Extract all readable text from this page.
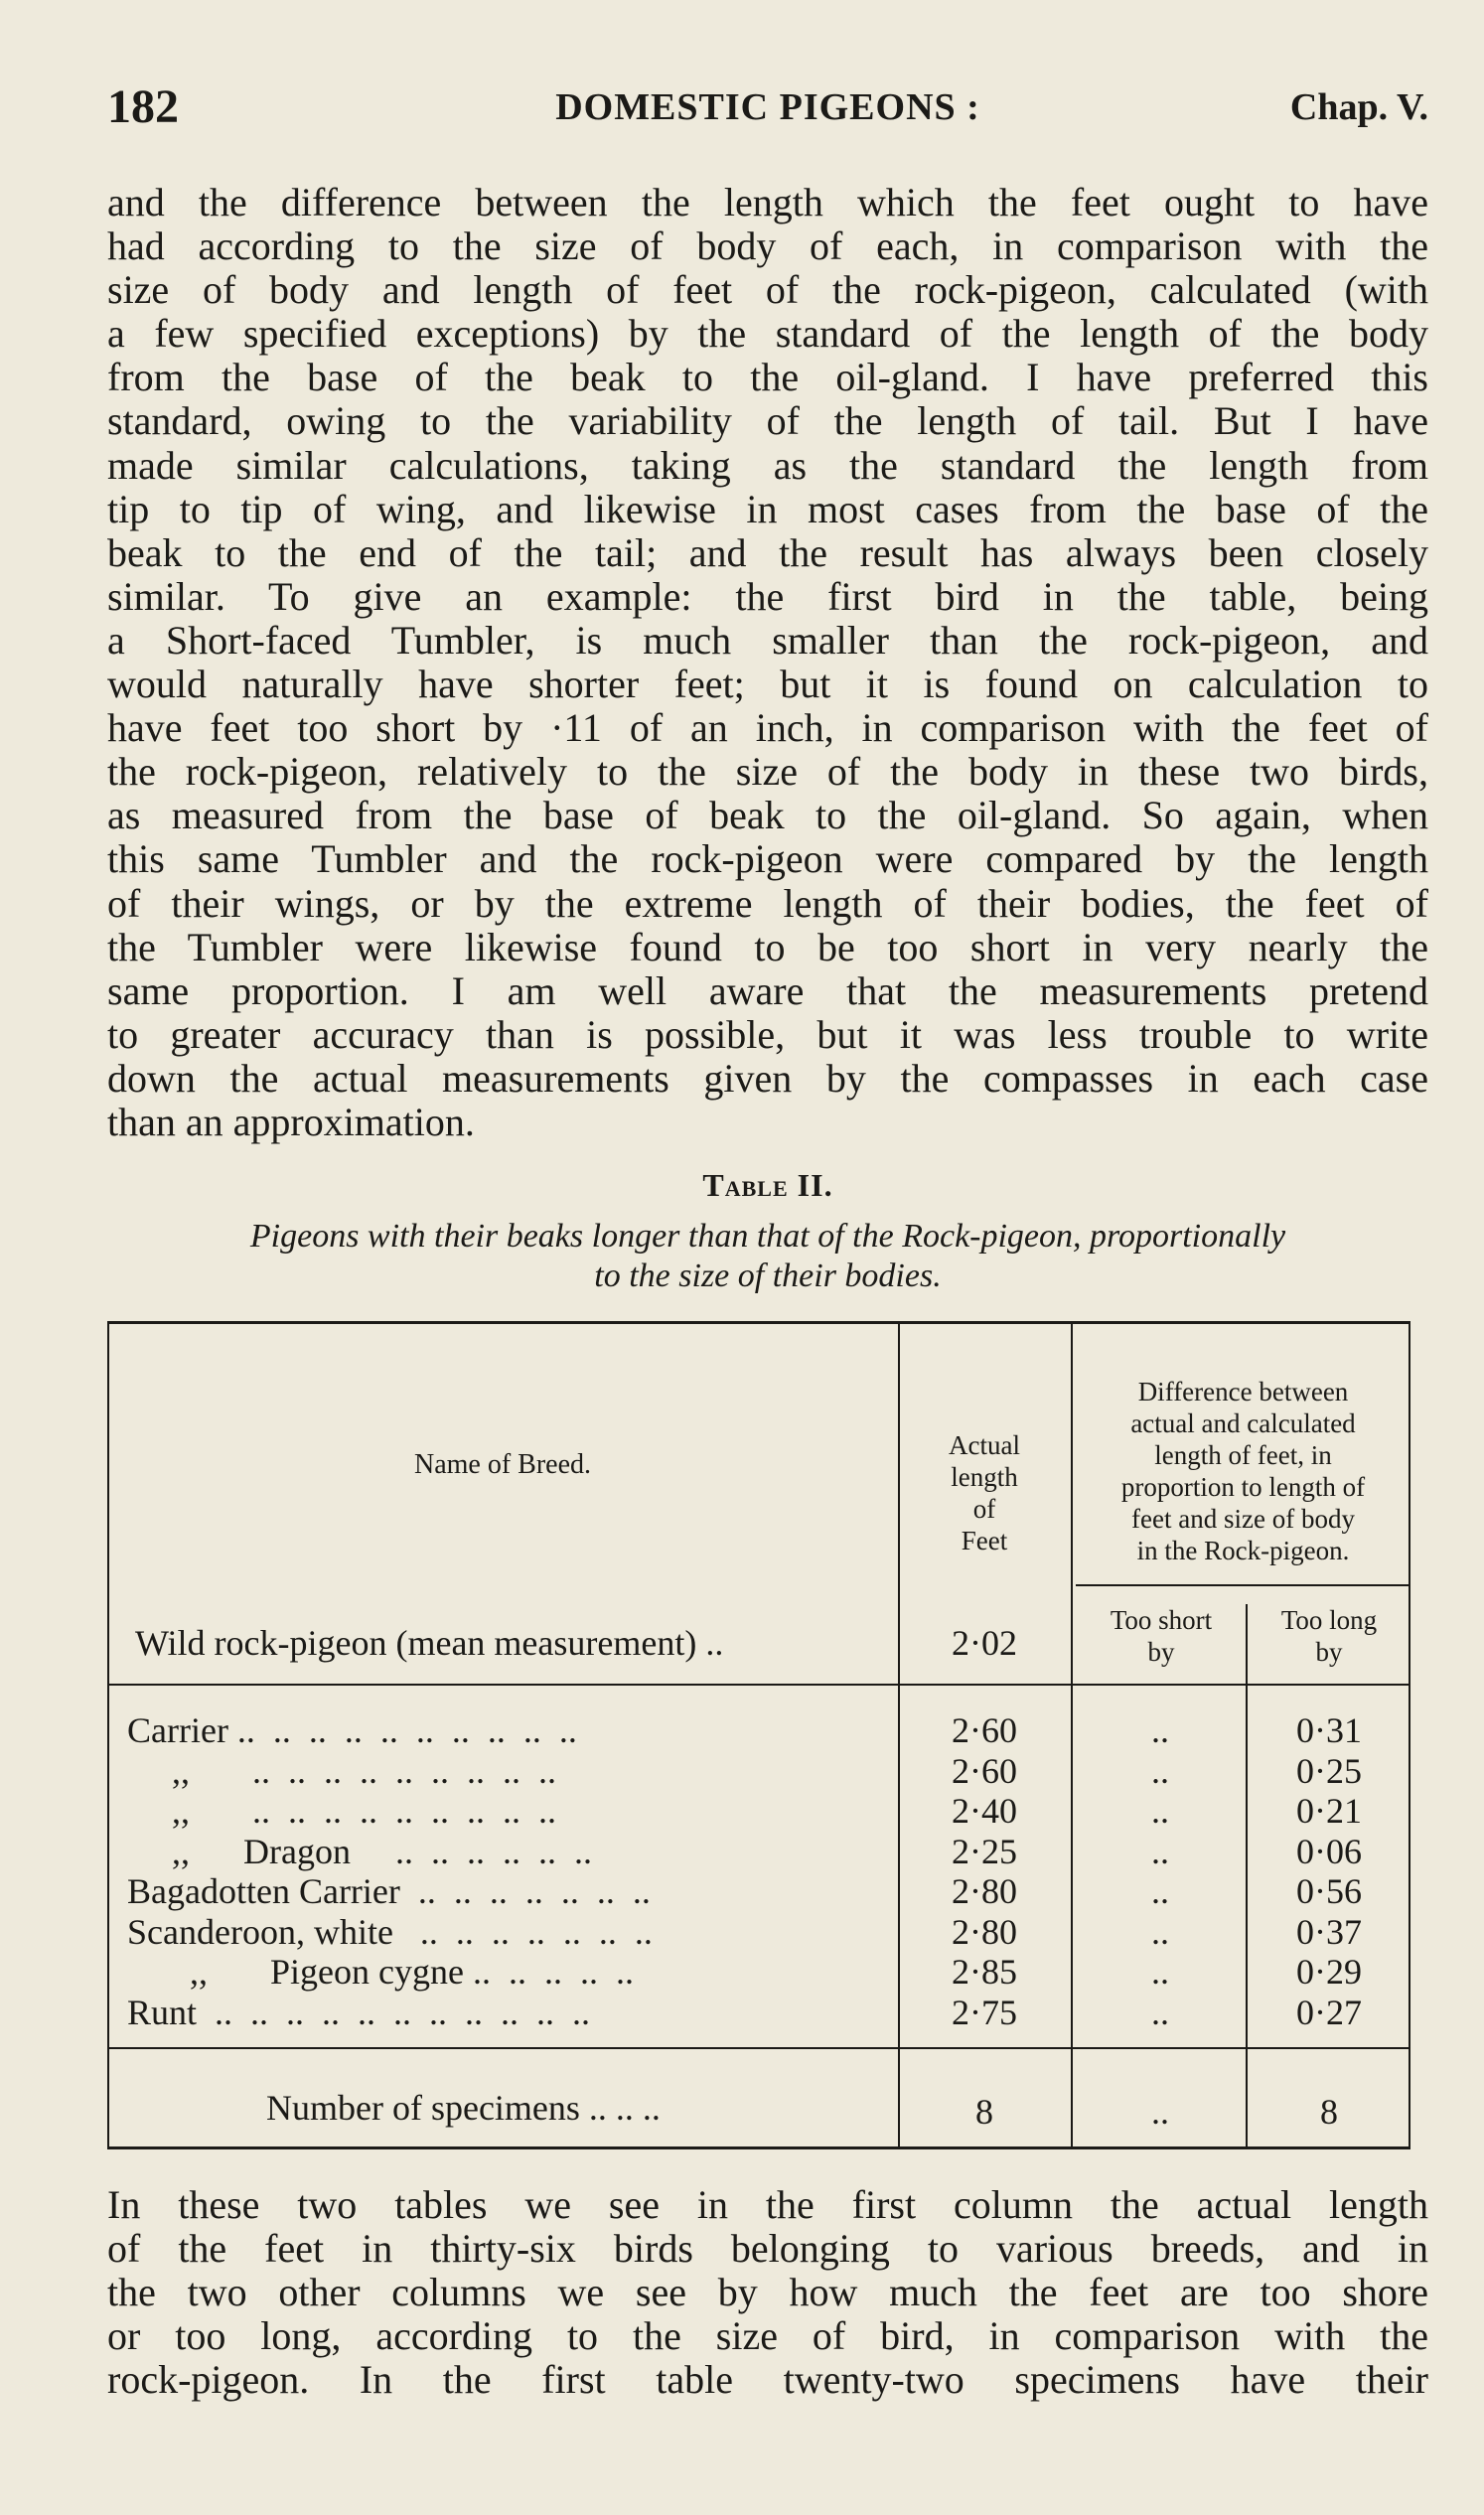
182	DOMESTIC PIGEONS :	Chap. V.
and the difference between the length which the feet ought to have
had according to the size of body of each, in comparison with the
size of body and length of feet of the rock-pigeon, calculated (with
a few specified exceptions) by the standard of the length of the body
from the base of the beak to the oil-gland. I have preferred this
standard, owing to the variability of the length of tail. But I have
made similar calculations, taking as the standard the length from
tip to tip of wing, and likewise in most cases from the base of the
beak to the end of the tail; and the result has always been closely
similar. To give an example: the first bird in the table, being
a Short-faced Tumbler, is much smaller than the rock-pigeon, and
would naturally have shorter feet; but it is found on calculation to
have feet too short by ·11 of an inch, in comparison with the feet of
the rock-pigeon, relatively to the size of the body in these two birds,
as measured from the base of beak to the oil-gland. So again, when
this same Tumbler and the rock-pigeon were compared by the length
of their wings, or by the extreme length of their bodies, the feet of
the Tumbler were likewise found to be too short in very nearly the
same proportion. I am well aware that the measurements pretend
to greater accuracy than is possible, but it was less trouble to write
down the actual measurements given by the compasses in each case
than an approximation.
Table II.
Pigeons with their beaks longer than that of the Rock-pigeon, proportionally
to the size of their bodies.
Name of Breed.
Actual
length
of
Feet
Difference between
actual and calculated
length of feet, in
proportion to length of
feet and size of body
in the Rock-pigeon.
Too short
by
Too long
by
Wild rock-pigeon (mean measurement) ..	2·02
Carrier ..  ..  ..  ..  ..  ..  ..  ..  ..  ..	2·60	..	0·31
,,       ..  ..  ..  ..  ..  ..  ..  ..  ..	2·60	..	0·25
,,       ..  ..  ..  ..  ..  ..  ..  ..  ..	2·40	..	0·21
,,      Dragon     ..  ..  ..  ..  ..  ..	2·25	..	0·06
Bagadotten Carrier  ..  ..  ..  ..  ..  ..  ..	2·80	..	0·56
Scanderoon, white   ..  ..  ..  ..  ..  ..  ..	2·80	..	0·37
,,       Pigeon cygne ..  ..  ..  ..  ..	2·85	..	0·29
Runt  ..  ..  ..  ..  ..  ..  ..  ..  ..  ..  ..	2·75	..	0·27
Number of specimens .. .. ..	8	..	8
In these two tables we see in the first column the actual length
of the feet in thirty-six birds belonging to various breeds, and in
the two other columns we see by how much the feet are too shore
or too long, according to the size of bird, in comparison with the
rock-pigeon. In the first table twenty-two specimens have their
